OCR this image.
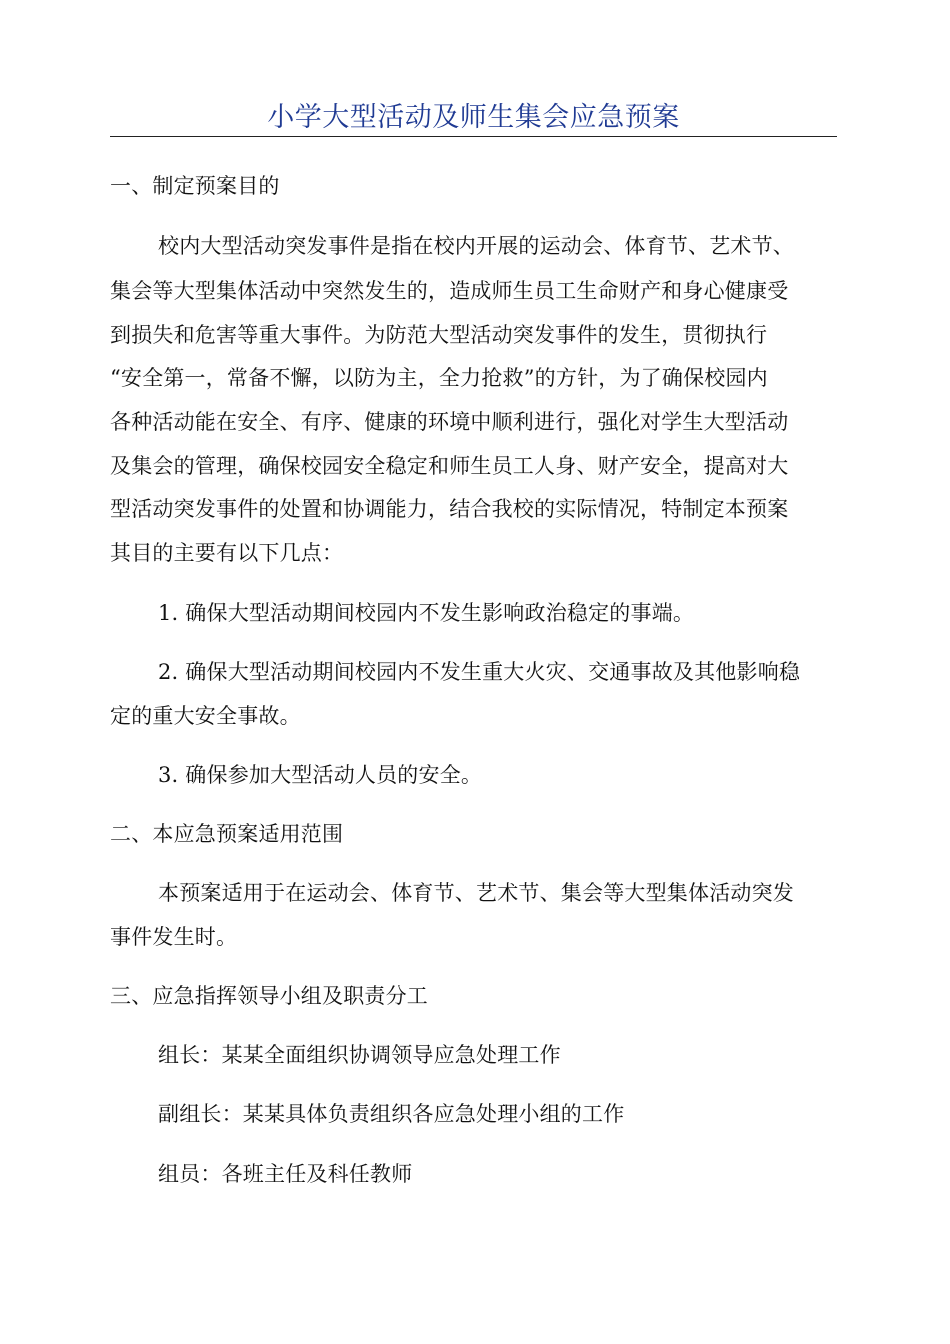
小学大型活动及师生集会应急预案
一、制定预案目的
校内大型活动突发事件是指在校内开展的运动会、体育节、艺术节、
集会等大型集体活动中突然发生的，造成师生员工生命财产和身心健康受
到损失和危害等重大事件。为防范大型活动突发事件的发生，贯彻执行
“安全第一，常备不懈，以防为主，全力抢救”的方针，为了确保校园内
各种活动能在安全、有序、健康的环境中顺利进行，强化对学生大型活动
及集会的管理，确保校园安全稳定和师生员工人身、财产安全，提高对大
型活动突发事件的处置和协调能力，结合我校的实际情况，特制定本预案
其目的主要有以下几点：
1. 确保大型活动期间校园内不发生影响政治稳定的事端。
2. 确保大型活动期间校园内不发生重大火灾、交通事故及其他影响稳
定的重大安全事故。
3. 确保参加大型活动人员的安全。
二、本应急预案适用范围
本预案适用于在运动会、体育节、艺术节、集会等大型集体活动突发
事件发生时。
三、应急指挥领导小组及职责分工
组长：某某全面组织协调领导应急处理工作
副组长：某某具体负责组织各应急处理小组的工作
组员：各班主任及科任教师
